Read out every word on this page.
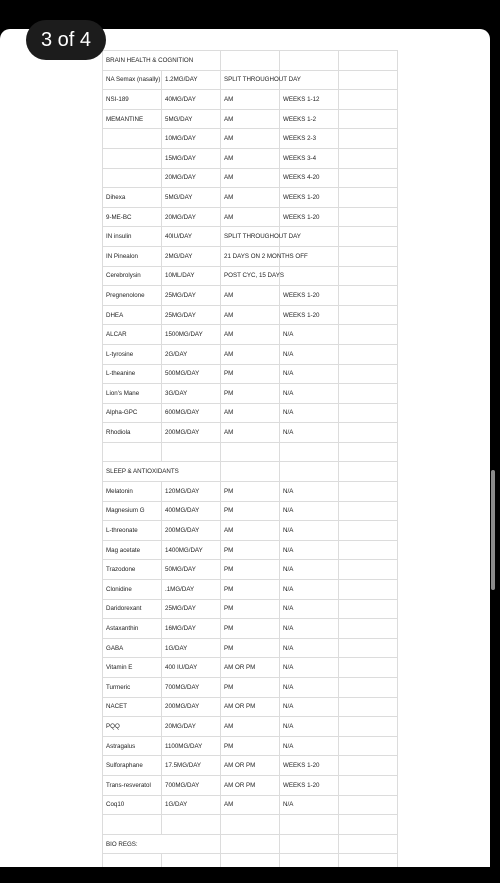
BRAIN HEALTH & COGNITION				
NA Semax (nasally)	1.2MG/DAY	SPLIT THROUGHOUT DAY		
NSI-189	40MG/DAY	AM	WEEKS 1-12	
MEMANTINE	5MG/DAY	AM	WEEKS 1-2	
	10MG/DAY	AM	WEEKS 2-3	
	15MG/DAY	AM	WEEKS 3-4	
	20MG/DAY	AM	WEEKS 4-20	
Dihexa	5MG/DAY	AM	WEEKS 1-20	
9-ME-BC	20MG/DAY	AM	WEEKS 1-20	
IN insulin	40IU/DAY	SPLIT THROUGHOUT DAY		
IN Pinealon	2MG/DAY	21 DAYS ON 2 MONTHS OFF		
Cerebrolysin	10ML/DAY	POST CYC, 15 DAYS		
Pregnenolone	25MG/DAY	AM	WEEKS 1-20	
DHEA	25MG/DAY	AM	WEEKS 1-20	
ALCAR	1500MG/DAY	AM	N/A	
L-tyrosine	2G/DAY	AM	N/A	
L-theanine	500MG/DAY	PM	N/A	
Lion's Mane	3G/DAY	PM	N/A	
Alpha-GPC	600MG/DAY	AM	N/A	
Rhodiola	200MG/DAY	AM	N/A	

SLEEP & ANTIOXIDANTS				
Melatonin	120MG/DAY	PM	N/A	
Magnesium G	400MG/DAY	PM	N/A	
L-threonate	200MG/DAY	AM	N/A	
Mag acetate	1400MG/DAY	PM	N/A	
Trazodone	50MG/DAY	PM	N/A	
Clonidine	.1MG/DAY	PM	N/A	
Daridorexant	25MG/DAY	PM	N/A	
Astaxanthin	16MG/DAY	PM	N/A	
GABA	1G/DAY	PM	N/A	
Vitamin E	400 IU/DAY	AM OR PM	N/A	
Turmeric	700MG/DAY	PM	N/A	
NACET	200MG/DAY	AM OR PM	N/A	
PQQ	20MG/DAY	AM	N/A	
Astragalus	1100MG/DAY	PM	N/A	
Sulforaphane	17.5MG/DAY	AM OR PM	WEEKS 1-20	
Trans-resveratol	700MG/DAY	AM OR PM	WEEKS 1-20	
Coq10	1G/DAY	AM	N/A	

BIO REGS:				

3 of 4
